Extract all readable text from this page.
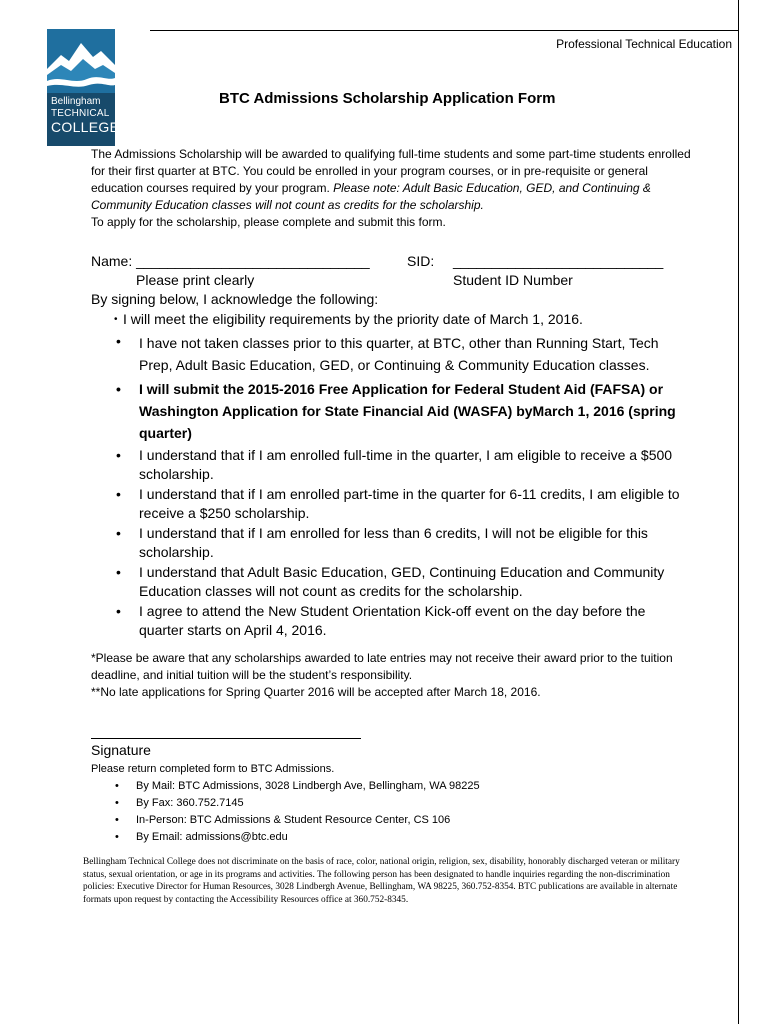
Professional Technical Education
Bellingham
TECHNICAL
COLLEGE
BTC Admissions Scholarship Application Form
The Admissions Scholarship will be awarded to qualifying full-time students and some part-time students enrolled for their first quarter at BTC. You could be enrolled in your program courses, or in pre-requisite or general education courses required by your program. Please note: Adult Basic Education, GED, and Continuing & Community Education classes will not count as credits for the scholarship.
To apply for the scholarship, please complete and submit this form.
Name: ______________________________
Please print clearly
SID: ___________________________
Student ID Number
By signing below, I acknowledge the following:
• I will meet the eligibility requirements by the priority date of March 1, 2016.
• I have not taken classes prior to this quarter, at BTC, other than Running Start, Tech Prep, Adult Basic Education, GED, or Continuing & Community Education classes.
• I will submit the 2015-2016 Free Application for Federal Student Aid (FAFSA) or Washington Application for State Financial Aid (WASFA) byMarch 1, 2016 (spring quarter)
• I understand that if I am enrolled full-time in the quarter, I am eligible to receive a $500 scholarship.
• I understand that if I am enrolled part-time in the quarter for 6-11 credits, I am eligible to receive a $250 scholarship.
• I understand that if I am enrolled for less than 6 credits, I will not be eligible for this scholarship.
• I understand that Adult Basic Education, GED, Continuing Education and Community Education classes will not count as credits for the scholarship.
• I agree to attend the New Student Orientation Kick-off event on the day before the quarter starts on April 4, 2016.
*Please be aware that any scholarships awarded to late entries may not receive their award prior to the tuition deadline, and initial tuition will be the student’s responsibility.
**No late applications for Spring Quarter 2016 will be accepted after March 18, 2016.
Signature
Please return completed form to BTC Admissions.
• By Mail: BTC Admissions, 3028 Lindbergh Ave, Bellingham, WA 98225
• By Fax: 360.752.7145
• In-Person: BTC Admissions & Student Resource Center, CS 106
• By Email: admissions@btc.edu
Bellingham Technical College does not discriminate on the basis of race, color, national origin, religion, sex, disability, honorably discharged veteran or military status, sexual orientation, or age in its programs and activities. The following person has been designated to handle inquiries regarding the non-discrimination policies: Executive Director for Human Resources, 3028 Lindbergh Avenue, Bellingham, WA 98225, 360.752-8354. BTC publications are available in alternate formats upon request by contacting the Accessibility Resources office at 360.752-8345.
